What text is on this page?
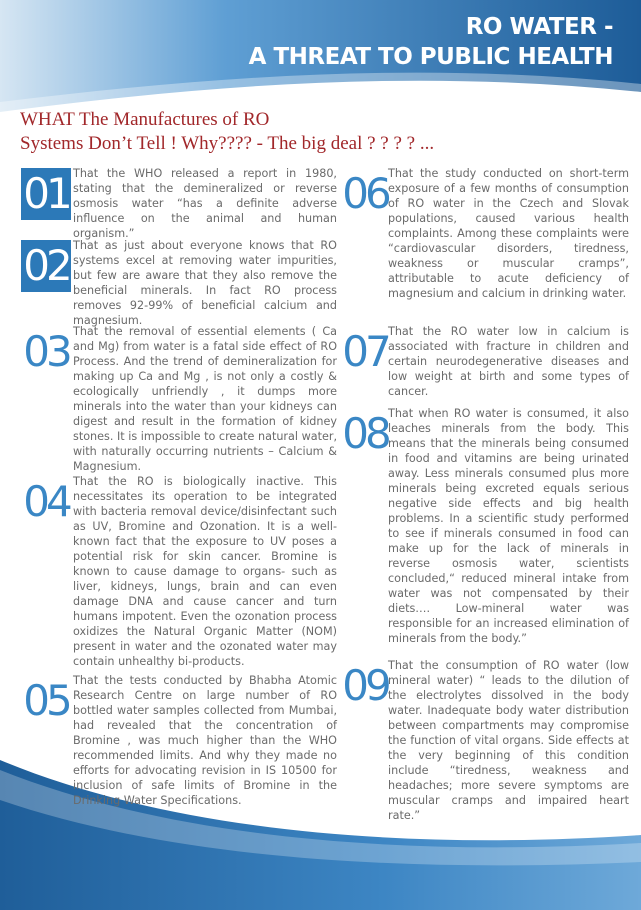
RO WATER -
A THREAT TO PUBLIC HEALTH
WHAT The Manufactures of RO
Systems Don’t Tell ! Why???? - The big deal ? ? ? ? ...
01 That the WHO released a report in 1980, stating that the demineralized or reverse osmosis water “has a definite adverse influence on the animal and human organism.”
02 That as just about everyone knows that RO systems excel at removing water impurities, but few are aware that they also remove the beneficial minerals. In fact RO process removes 92-99% of beneficial calcium and magnesium.
03 That the removal of essential elements ( Ca and Mg) from water is a fatal side effect of RO Process. And the trend of demineralization for making up Ca and Mg , is not only a costly & ecologically unfriendly , it dumps more minerals into the water than your kidneys can digest and result in the formation of kidney stones. It is impossible to create natural water, with naturally occurring nutrients – Calcium & Magnesium.
04 That the RO is biologically inactive. This necessitates its operation to be integrated with bacteria removal device/disinfectant such as UV, Bromine and Ozonation. It is a well-known fact that the exposure to UV poses a potential risk for skin cancer. Bromine is known to cause damage to organs- such as liver, kidneys, lungs, brain and can even damage DNA and cause cancer and turn humans impotent. Even the ozonation process oxidizes the Natural Organic Matter (NOM) present in water and the ozonated water may contain unhealthy bi-products.
05 That the tests conducted by Bhabha Atomic Research Centre on large number of RO bottled water samples collected from Mumbai, had revealed that the concentration of Bromine , was much higher than the WHO recommended limits. And why they made no efforts for advocating revision in IS 10500 for inclusion of safe limits of Bromine in the Drinking Water Specifications.
06 That the study conducted on short-term exposure of a few months of consumption of RO water in the Czech and Slovak populations, caused various health complaints. Among these complaints were “cardiovascular disorders, tiredness, weakness or muscular cramps”, attributable to acute deficiency of magnesium and calcium in drinking water.
07 That the RO water low in calcium is associated with fracture in children and certain neurodegenerative diseases and low weight at birth and some types of cancer.
08 That when RO water is consumed, it also leaches minerals from the body. This means that the minerals being consumed in food and vitamins are being urinated away. Less minerals consumed plus more minerals being excreted equals serious negative side effects and big health problems. In a scientific study performed to see if minerals consumed in food can make up for the lack of minerals in reverse osmosis water, scientists concluded,“ reduced mineral intake from water was not compensated by their diets…. Low-mineral water was responsible for an increased elimination of minerals from the body.”
09 That the consumption of RO water (low mineral water) “ leads to the dilution of the electrolytes dissolved in the body water. Inadequate body water distribution between compartments may compromise the function of vital organs. Side effects at the very beginning of this condition include “tiredness, weakness and headaches; more severe symptoms are muscular cramps and impaired heart rate.”
